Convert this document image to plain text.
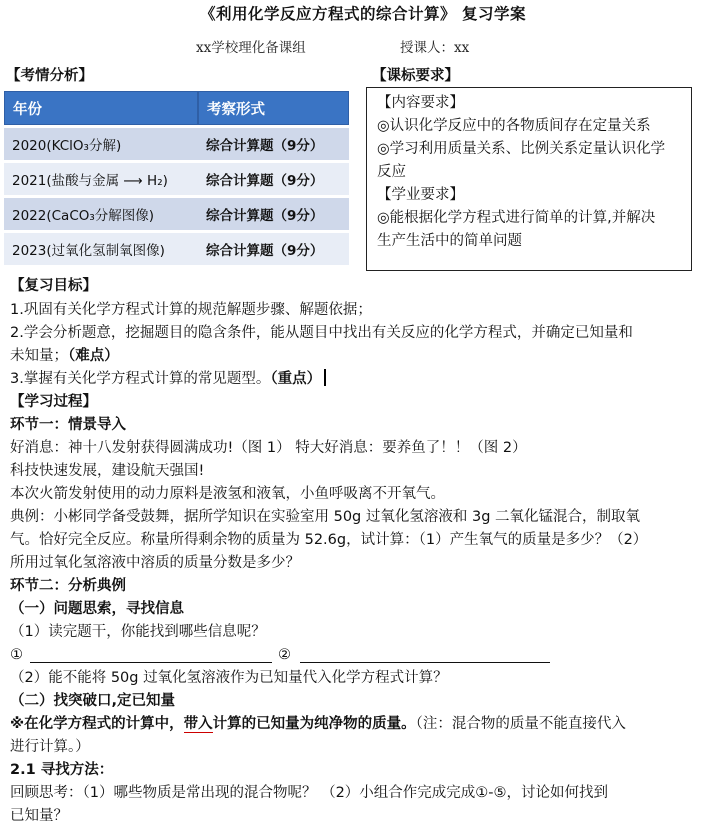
《利用化学反应方程式的综合计算》 复习学案
xx学校理化备课组	授课人：xx
【考情分析】	【课标要求】
年份	考察形式
2020(KClO₃分解)	综合计算题（9分）
2021(盐酸与金属 ⟶ H₂)	综合计算题（9分）
2022(CaCO₃分解图像)	综合计算题（9分）
2023(过氧化氢制氧图像)	综合计算题（9分）
【内容要求】
◎认识化学反应中的各物质间存在定量关系
◎学习利用质量关系、比例关系定量认识化学
反应
【学业要求】
◎能根据化学方程式进行简单的计算,并解决
生产生活中的简单问题
【复习目标】
1.巩固有关化学方程式计算的规范解题步骤、解题依据；
2.学会分析题意，挖掘题目的隐含条件，能从题目中找出有关反应的化学方程式，并确定已知量和
未知量；（难点）
3.掌握有关化学方程式计算的常见题型。（重点）
【学习过程】
环节一：情景导入
好消息：神十八发射获得圆满成功!（图 1） 特大好消息：要养鱼了！！（图 2）
科技快速发展，建设航天强国!
本次火箭发射使用的动力原料是液氢和液氧，小鱼呼吸离不开氧气。
典例：小彬同学备受鼓舞，据所学知识在实验室用 50g 过氧化氢溶液和 3g 二氧化锰混合，制取氧
气。恰好完全反应。称量所得剩余物的质量为 52.6g，试计算：（1）产生氧气的质量是多少？（2）
所用过氧化氢溶液中溶质的质量分数是多少？
环节二：分析典例
（一）问题思索，寻找信息
（1）读完题干，你能找到哪些信息呢？
①	②
（2）能不能将 50g 过氧化氢溶液作为已知量代入化学方程式计算？
（二）找突破口,定已知量
※在化学方程式的计算中，带入计算的已知量为纯净物的质量。（注：混合物的质量不能直接代入
进行计算。）
2.1 寻找方法：
回顾思考：（1）哪些物质是常出现的混合物呢？ （2）小组合作完成完成①-⑤，讨论如何找到
已知量？
